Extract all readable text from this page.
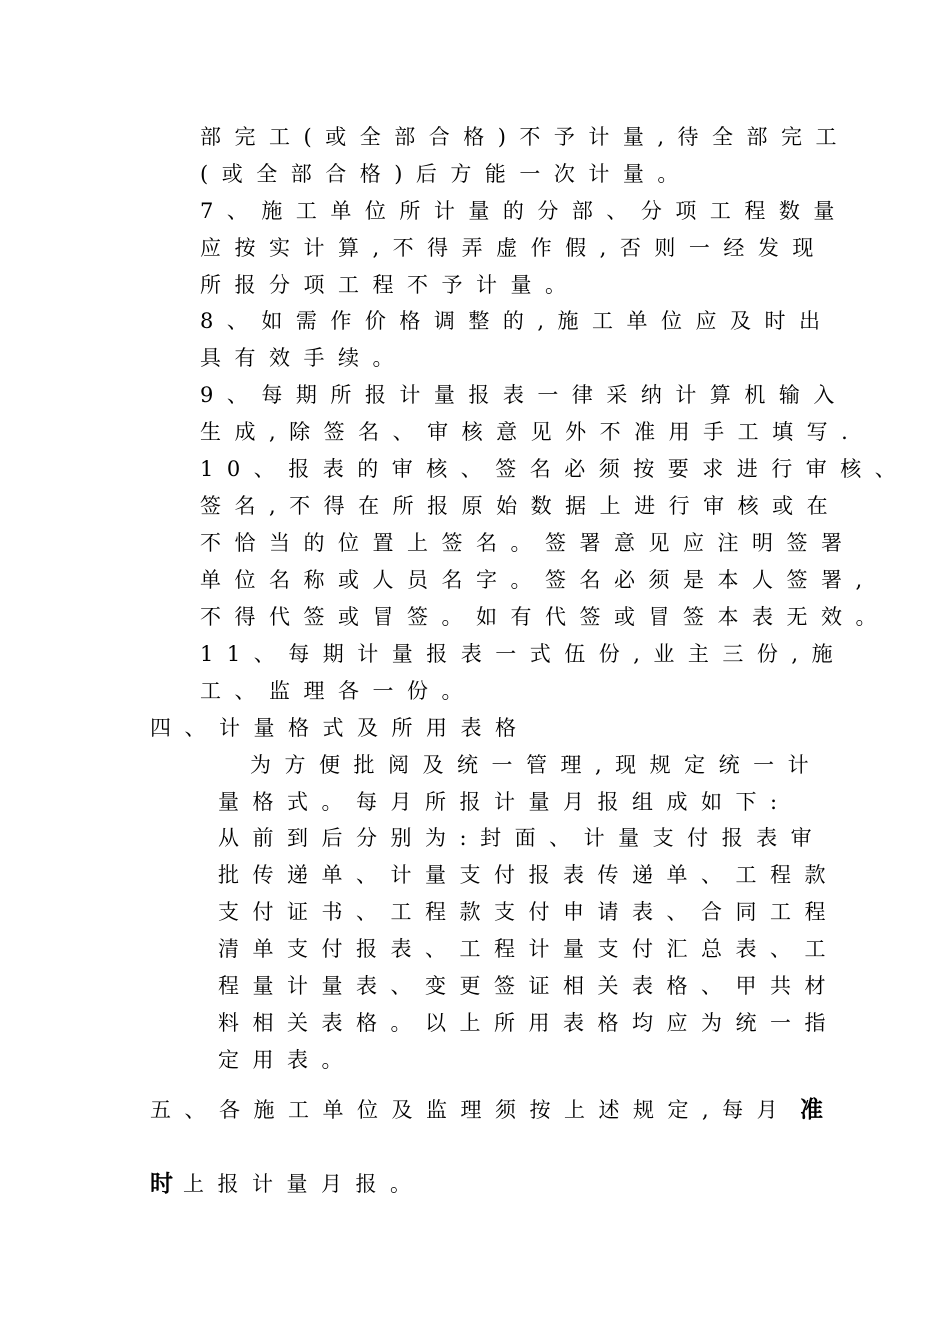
部完工(或全部合格)不予计量,待全部完工
(或全部合格)后方能一次计量。
7、施工单位所计量的分部、分项工程数量
应按实计算,不得弄虚作假,否则一经发现
所报分项工程不予计量。
8、如需作价格调整的,施工单位应及时出
具有效手续。
9、每期所报计量报表一律采纳计算机输入
生成,除签名、审核意见外不准用手工填写.
10、报表的审核、签名必须按要求进行审核、
签名,不得在所报原始数据上进行审核或在
不恰当的位置上签名。签署意见应注明签署
单位名称或人员名字。签名必须是本人签署,
不得代签或冒签。如有代签或冒签本表无效。
11、每期计量报表一式伍份,业主三份,施
工、监理各一份。
四、计量格式及所用表格
为方便批阅及统一管理,现规定统一计
量格式。每月所报计量月报组成如下:
从前到后分别为:封面、计量支付报表审
批传递单、计量支付报表传递单、工程款
支付证书、工程款支付申请表、合同工程
清单支付报表、工程计量支付汇总表、工
程量计量表、变更签证相关表格、甲共材
料相关表格。以上所用表格均应为统一指
定用表。
五、各施工单位及监理须按上述规定,每月 准
时
上报计量月报。
